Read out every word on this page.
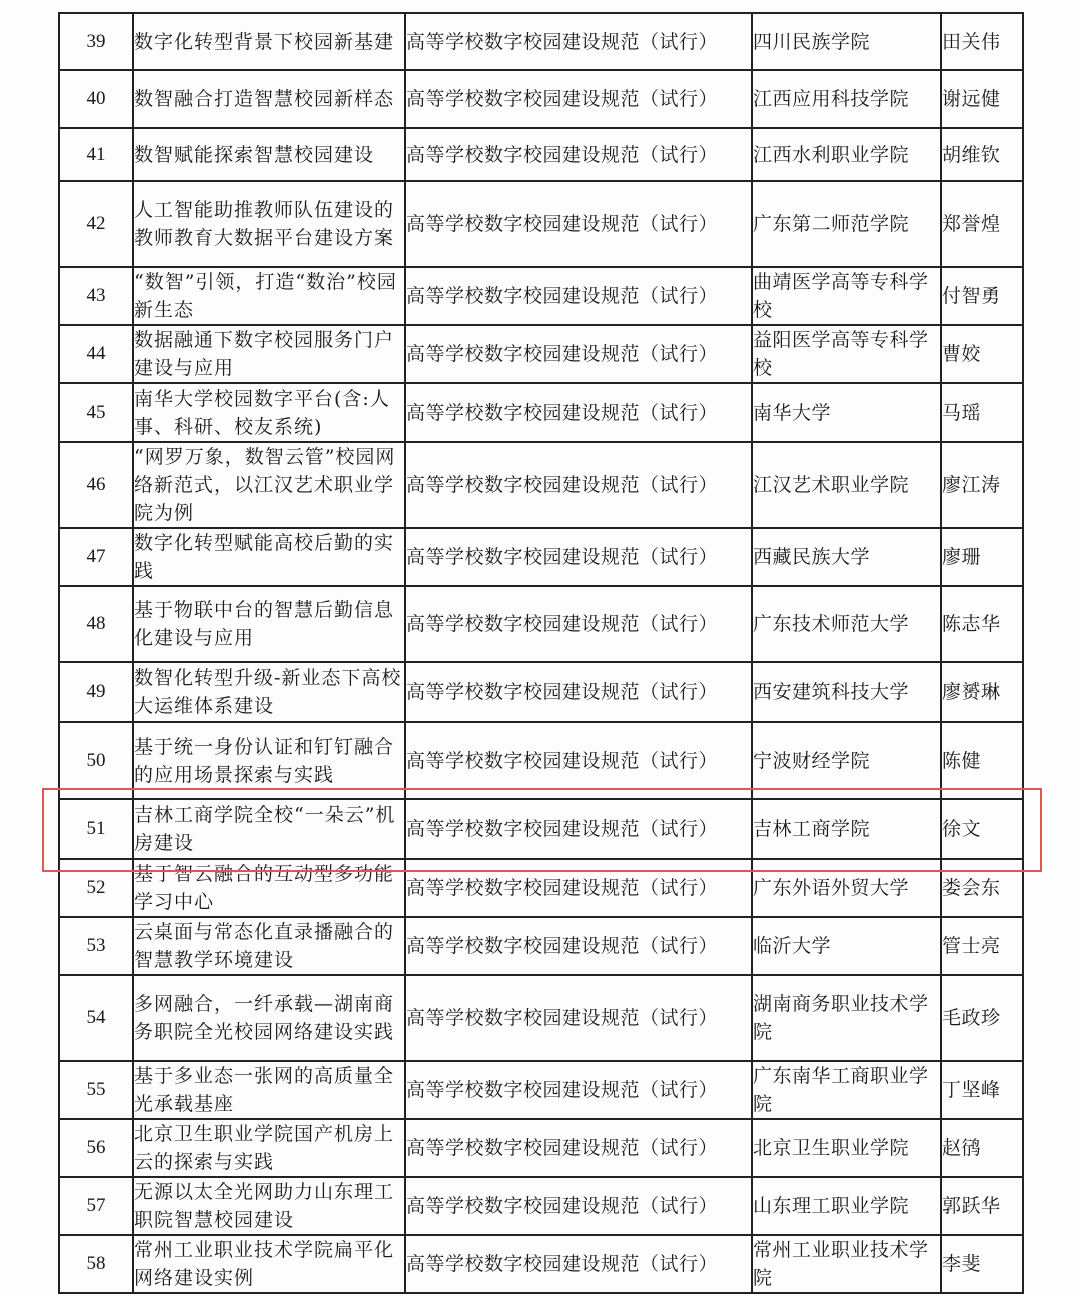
39	数字化转型背景下校园新基建	高等学校数字校园建设规范（试行）	四川民族学院	田关伟
40	数智融合打造智慧校园新样态	高等学校数字校园建设规范（试行）	江西应用科技学院	谢远健
41	数智赋能探索智慧校园建设	高等学校数字校园建设规范（试行）	江西水利职业学院	胡维钦
42	人工智能助推教师队伍建设的教师教育大数据平台建设方案	高等学校数字校园建设规范（试行）	广东第二师范学院	郑誉煌
43	“数智”引领，打造“数治”校园新生态	高等学校数字校园建设规范（试行）	曲靖医学高等专科学校	付智勇
44	数据融通下数字校园服务门户建设与应用	高等学校数字校园建设规范（试行）	益阳医学高等专科学校	曹姣
45	南华大学校园数字平台(含:人事、科研、校友系统)	高等学校数字校园建设规范（试行）	南华大学	马瑶
46	“网罗万象，数智云管”校园网络新范式，以江汉艺术职业学院为例	高等学校数字校园建设规范（试行）	江汉艺术职业学院	廖江涛
47	数字化转型赋能高校后勤的实践	高等学校数字校园建设规范（试行）	西藏民族大学	廖珊
48	基于物联中台的智慧后勤信息化建设与应用	高等学校数字校园建设规范（试行）	广东技术师范大学	陈志华
49	数智化转型升级-新业态下高校大运维体系建设	高等学校数字校园建设规范（试行）	西安建筑科技大学	廖赟琳
50	基于统一身份认证和钉钉融合的应用场景探索与实践	高等学校数字校园建设规范（试行）	宁波财经学院	陈健
51	吉林工商学院全校“一朵云”机房建设	高等学校数字校园建设规范（试行）	吉林工商学院	徐文
52	基于智云融合的互动型多功能学习中心	高等学校数字校园建设规范（试行）	广东外语外贸大学	娄会东
53	云桌面与常态化直录播融合的智慧教学环境建设	高等学校数字校园建设规范（试行）	临沂大学	管士亮
54	多网融合，一纤承载—湖南商务职院全光校园网络建设实践	高等学校数字校园建设规范（试行）	湖南商务职业技术学院	毛政珍
55	基于多业态一张网的高质量全光承载基座	高等学校数字校园建设规范（试行）	广东南华工商职业学院	丁坚峰
56	北京卫生职业学院国产机房上云的探索与实践	高等学校数字校园建设规范（试行）	北京卫生职业学院	赵鸻
57	无源以太全光网助力山东理工职院智慧校园建设	高等学校数字校园建设规范（试行）	山东理工职业学院	郭跃华
58	常州工业职业技术学院扁平化网络建设实例	高等学校数字校园建设规范（试行）	常州工业职业技术学院	李斐
